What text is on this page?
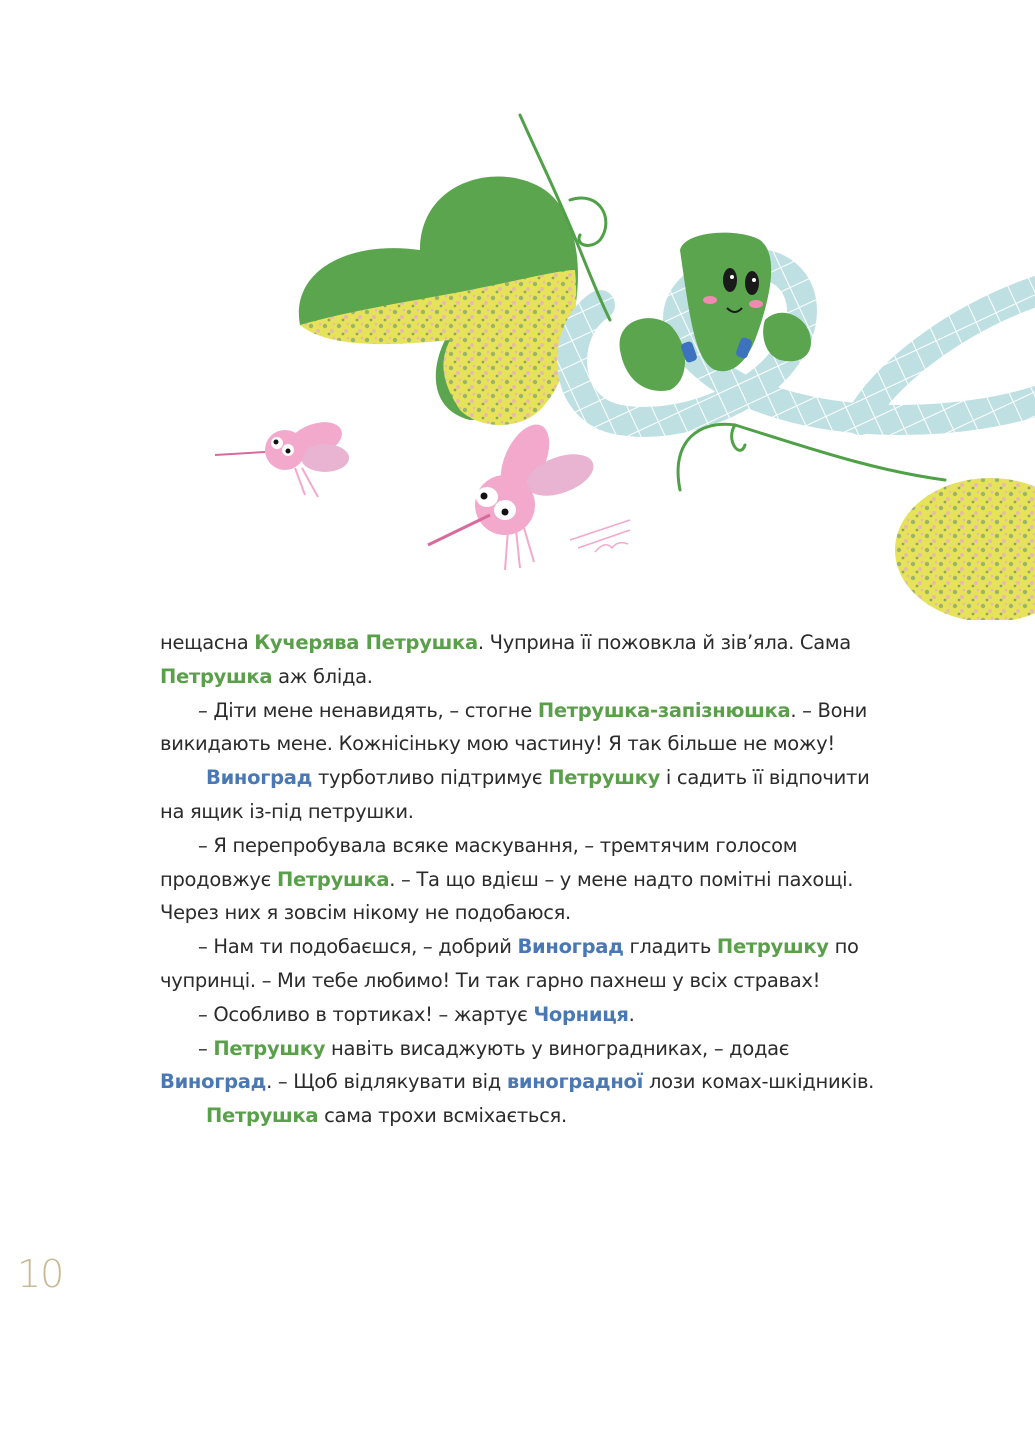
нещасна Кучерява Петрушка. Чуприна її пожовкла й зів’яла. Сама Петрушка аж бліда.

– Діти мене ненавидять, – стогне Петрушка-запізнюшка. – Вони викидають мене. Кожнісіньку мою частину! Я так більше не можу!

Виноград турботливо підтримує Петрушку і садить її відпочити на ящик із-під петрушки.

– Я перепробувала всяке маскування, – тремтячим голосом продовжує Петрушка. – Та що вдієш – у мене надто помітні пахощі. Через них я зовсім нікому не подобаюся.

– Нам ти подобаєшся, – добрий Виноград гладить Петрушку по чупринці. – Ми тебе любимо! Ти так гарно пахнеш у всіх стравах!

– Особливо в тортиках! – жартує Чорниця.

– Петрушку навіть висаджують у виноградниках, – додає Виноград. – Щоб відлякувати від виноградної лози комах-шкідників.

Петрушка сама трохи всміхається.

10
